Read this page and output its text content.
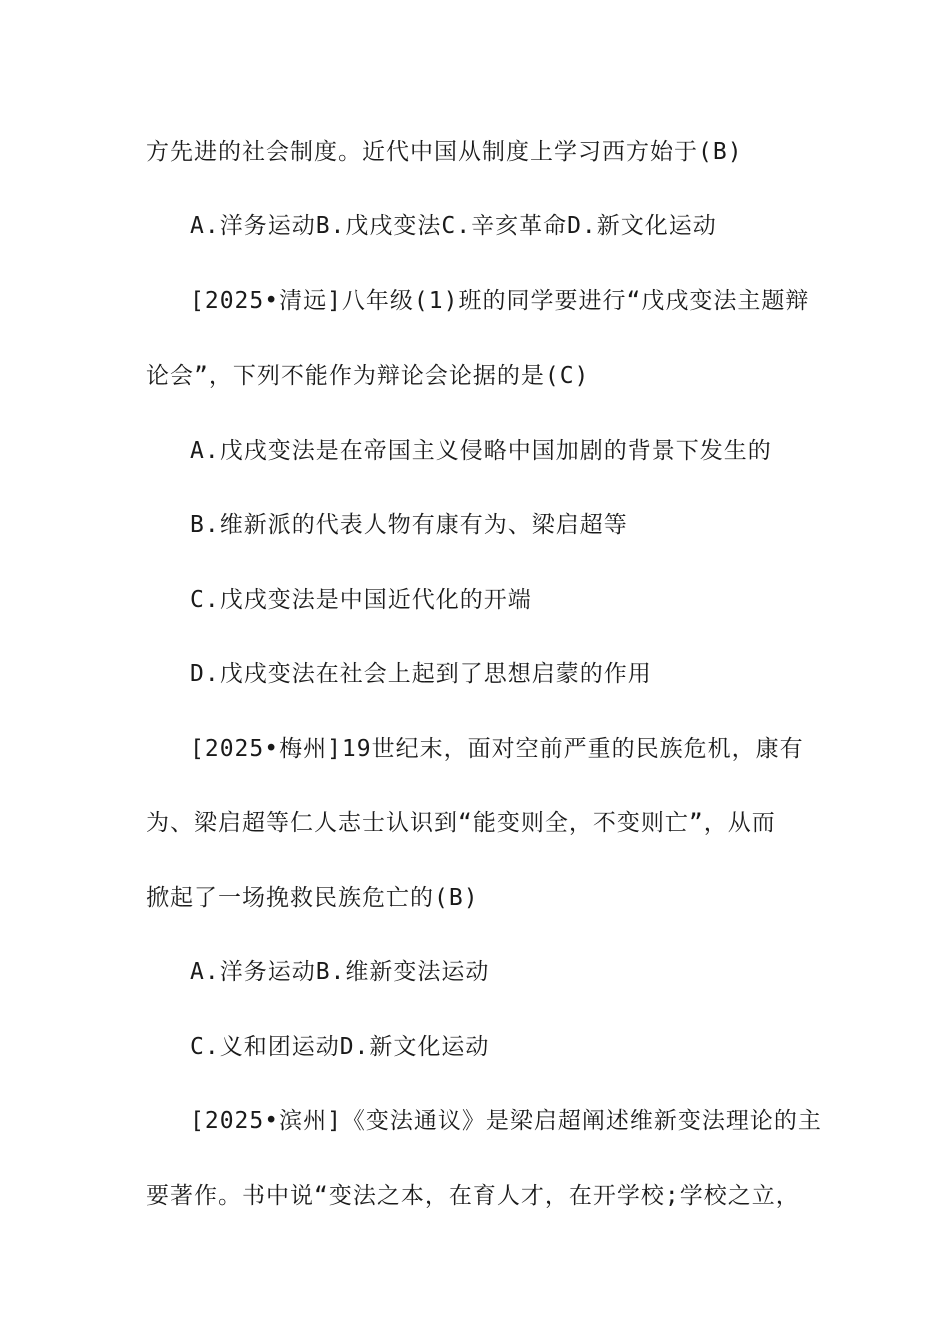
方先进的社会制度。近代中国从制度上学习西方始于(B)
A.洋务运动B.戊戌变法C.辛亥革命D.新文化运动
[2025•清远]八年级(1)班的同学要进行“戊戌变法主题辩
论会”，下列不能作为辩论会论据的是(C)
A.戊戌变法是在帝国主义侵略中国加剧的背景下发生的
B.维新派的代表人物有康有为、梁启超等
C.戊戌变法是中国近代化的开端
D.戊戌变法在社会上起到了思想启蒙的作用
[2025•梅州]19世纪末，面对空前严重的民族危机，康有
为、梁启超等仁人志士认识到“能变则全，不变则亡”，从而
掀起了一场挽救民族危亡的(B)
A.洋务运动B.维新变法运动
C.义和团运动D.新文化运动
[2025•滨州]《变法通议》是梁启超阐述维新变法理论的主
要著作。书中说“变法之本，在育人才，在开学校;学校之立，
